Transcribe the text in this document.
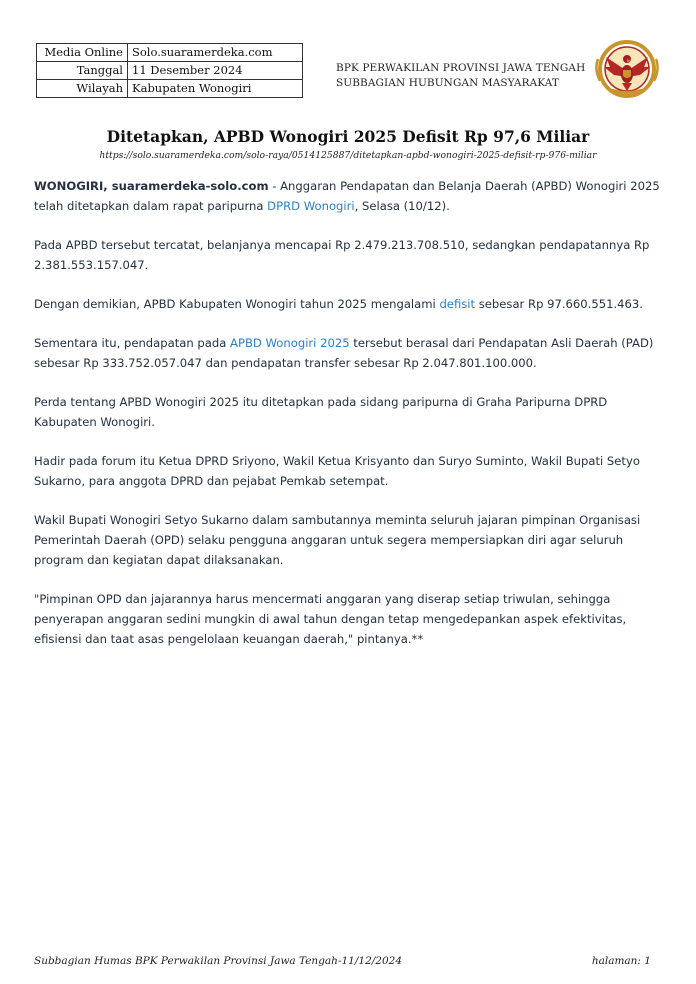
Media Online	Solo.suaramerdeka.com
Tanggal	11 Desember 2024
Wilayah	Kabupaten Wonogiri
BPK PERWAKILAN PROVINSI JAWA TENGAH
SUBBAGIAN HUBUNGAN MASYARAKAT
Ditetapkan, APBD Wonogiri 2025 Defisit Rp 97,6 Miliar
https://solo.suaramerdeka.com/solo-raya/0514125887/ditetapkan-apbd-wonogiri-2025-defisit-rp-976-miliar

WONOGIRI, suaramerdeka-solo.com - Anggaran Pendapatan dan Belanja Daerah (APBD) Wonogiri 2025 telah ditetapkan dalam rapat paripurna DPRD Wonogiri, Selasa (10/12).

Pada APBD tersebut tercatat, belanjanya mencapai Rp 2.479.213.708.510, sedangkan pendapatannya Rp 2.381.553.157.047.

Dengan demikian, APBD Kabupaten Wonogiri tahun 2025 mengalami defisit sebesar Rp 97.660.551.463.

Sementara itu, pendapatan pada APBD Wonogiri 2025 tersebut berasal dari Pendapatan Asli Daerah (PAD) sebesar Rp 333.752.057.047 dan pendapatan transfer sebesar Rp 2.047.801.100.000.

Perda tentang APBD Wonogiri 2025 itu ditetapkan pada sidang paripurna di Graha Paripurna DPRD Kabupaten Wonogiri.

Hadir pada forum itu Ketua DPRD Sriyono, Wakil Ketua Krisyanto dan Suryo Suminto, Wakil Bupati Setyo Sukarno, para anggota DPRD dan pejabat Pemkab setempat.

Wakil Bupati Wonogiri Setyo Sukarno dalam sambutannya meminta seluruh jajaran pimpinan Organisasi Pemerintah Daerah (OPD) selaku pengguna anggaran untuk segera mempersiapkan diri agar seluruh program dan kegiatan dapat dilaksanakan.

"Pimpinan OPD dan jajarannya harus mencermati anggaran yang diserap setiap triwulan, sehingga penyerapan anggaran sedini mungkin di awal tahun dengan tetap mengedepankan aspek efektivitas, efisiensi dan taat asas pengelolaan keuangan daerah," pintanya.**

Subbagian Humas BPK Perwakilan Provinsi Jawa Tengah-11/12/2024	halaman: 1
